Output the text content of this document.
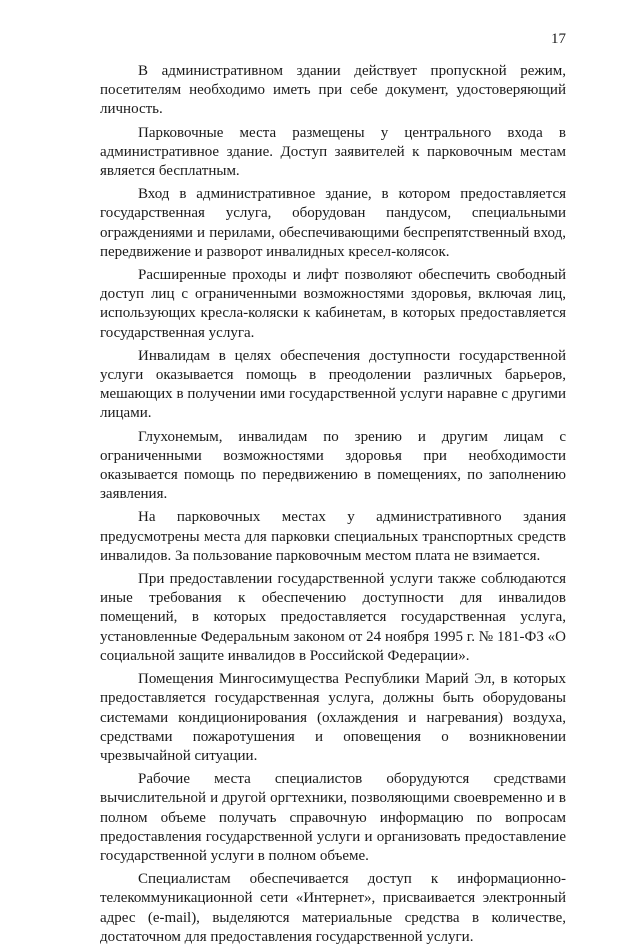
17

В административном здании действует пропускной режим, посетителям необходимо иметь при себе документ, удостоверяющий личность.

Парковочные места размещены у центрального входа в административное здание. Доступ заявителей к парковочным местам является бесплатным.

Вход в административное здание, в котором предоставляется государственная услуга, оборудован пандусом, специальными ограждениями и перилами, обеспечивающими беспрепятственный вход, передвижение и разворот инвалидных кресел-колясок.

Расширенные проходы и лифт позволяют обеспечить свободный доступ лиц с ограниченными возможностями здоровья, включая лиц, использующих кресла-коляски к кабинетам, в которых предоставляется государственная услуга.

Инвалидам в целях обеспечения доступности государственной услуги оказывается помощь в преодолении различных барьеров, мешающих в получении ими государственной услуги наравне с другими лицами.

Глухонемым, инвалидам по зрению и другим лицам с ограниченными возможностями здоровья при необходимости оказывается помощь по передвижению в помещениях, по заполнению заявления.

На парковочных местах у административного здания предусмотрены места для парковки специальных транспортных средств инвалидов. За пользование парковочным местом плата не взимается.

При предоставлении государственной услуги также соблюдаются иные требования к обеспечению доступности для инвалидов помещений, в которых предоставляется государственная услуга, установленные Федеральным законом от 24 ноября 1995 г. № 181-ФЗ «О социальной защите инвалидов в Российской Федерации».

Помещения Мингосимущества Республики Марий Эл, в которых предоставляется государственная услуга, должны быть оборудованы системами кондиционирования (охлаждения и нагревания) воздуха, средствами пожаротушения и оповещения о возникновении чрезвычайной ситуации.

Рабочие места специалистов оборудуются средствами вычислительной и другой оргтехники, позволяющими своевременно и в полном объеме получать справочную информацию по вопросам предоставления государственной услуги и организовать предоставление государственной услуги в полном объеме.

Специалистам обеспечивается доступ к информационно-телекоммуникационной сети «Интернет», присваивается электронный адрес (e-mail), выделяются материальные средства в количестве, достаточном для предоставления государственной услуги.
